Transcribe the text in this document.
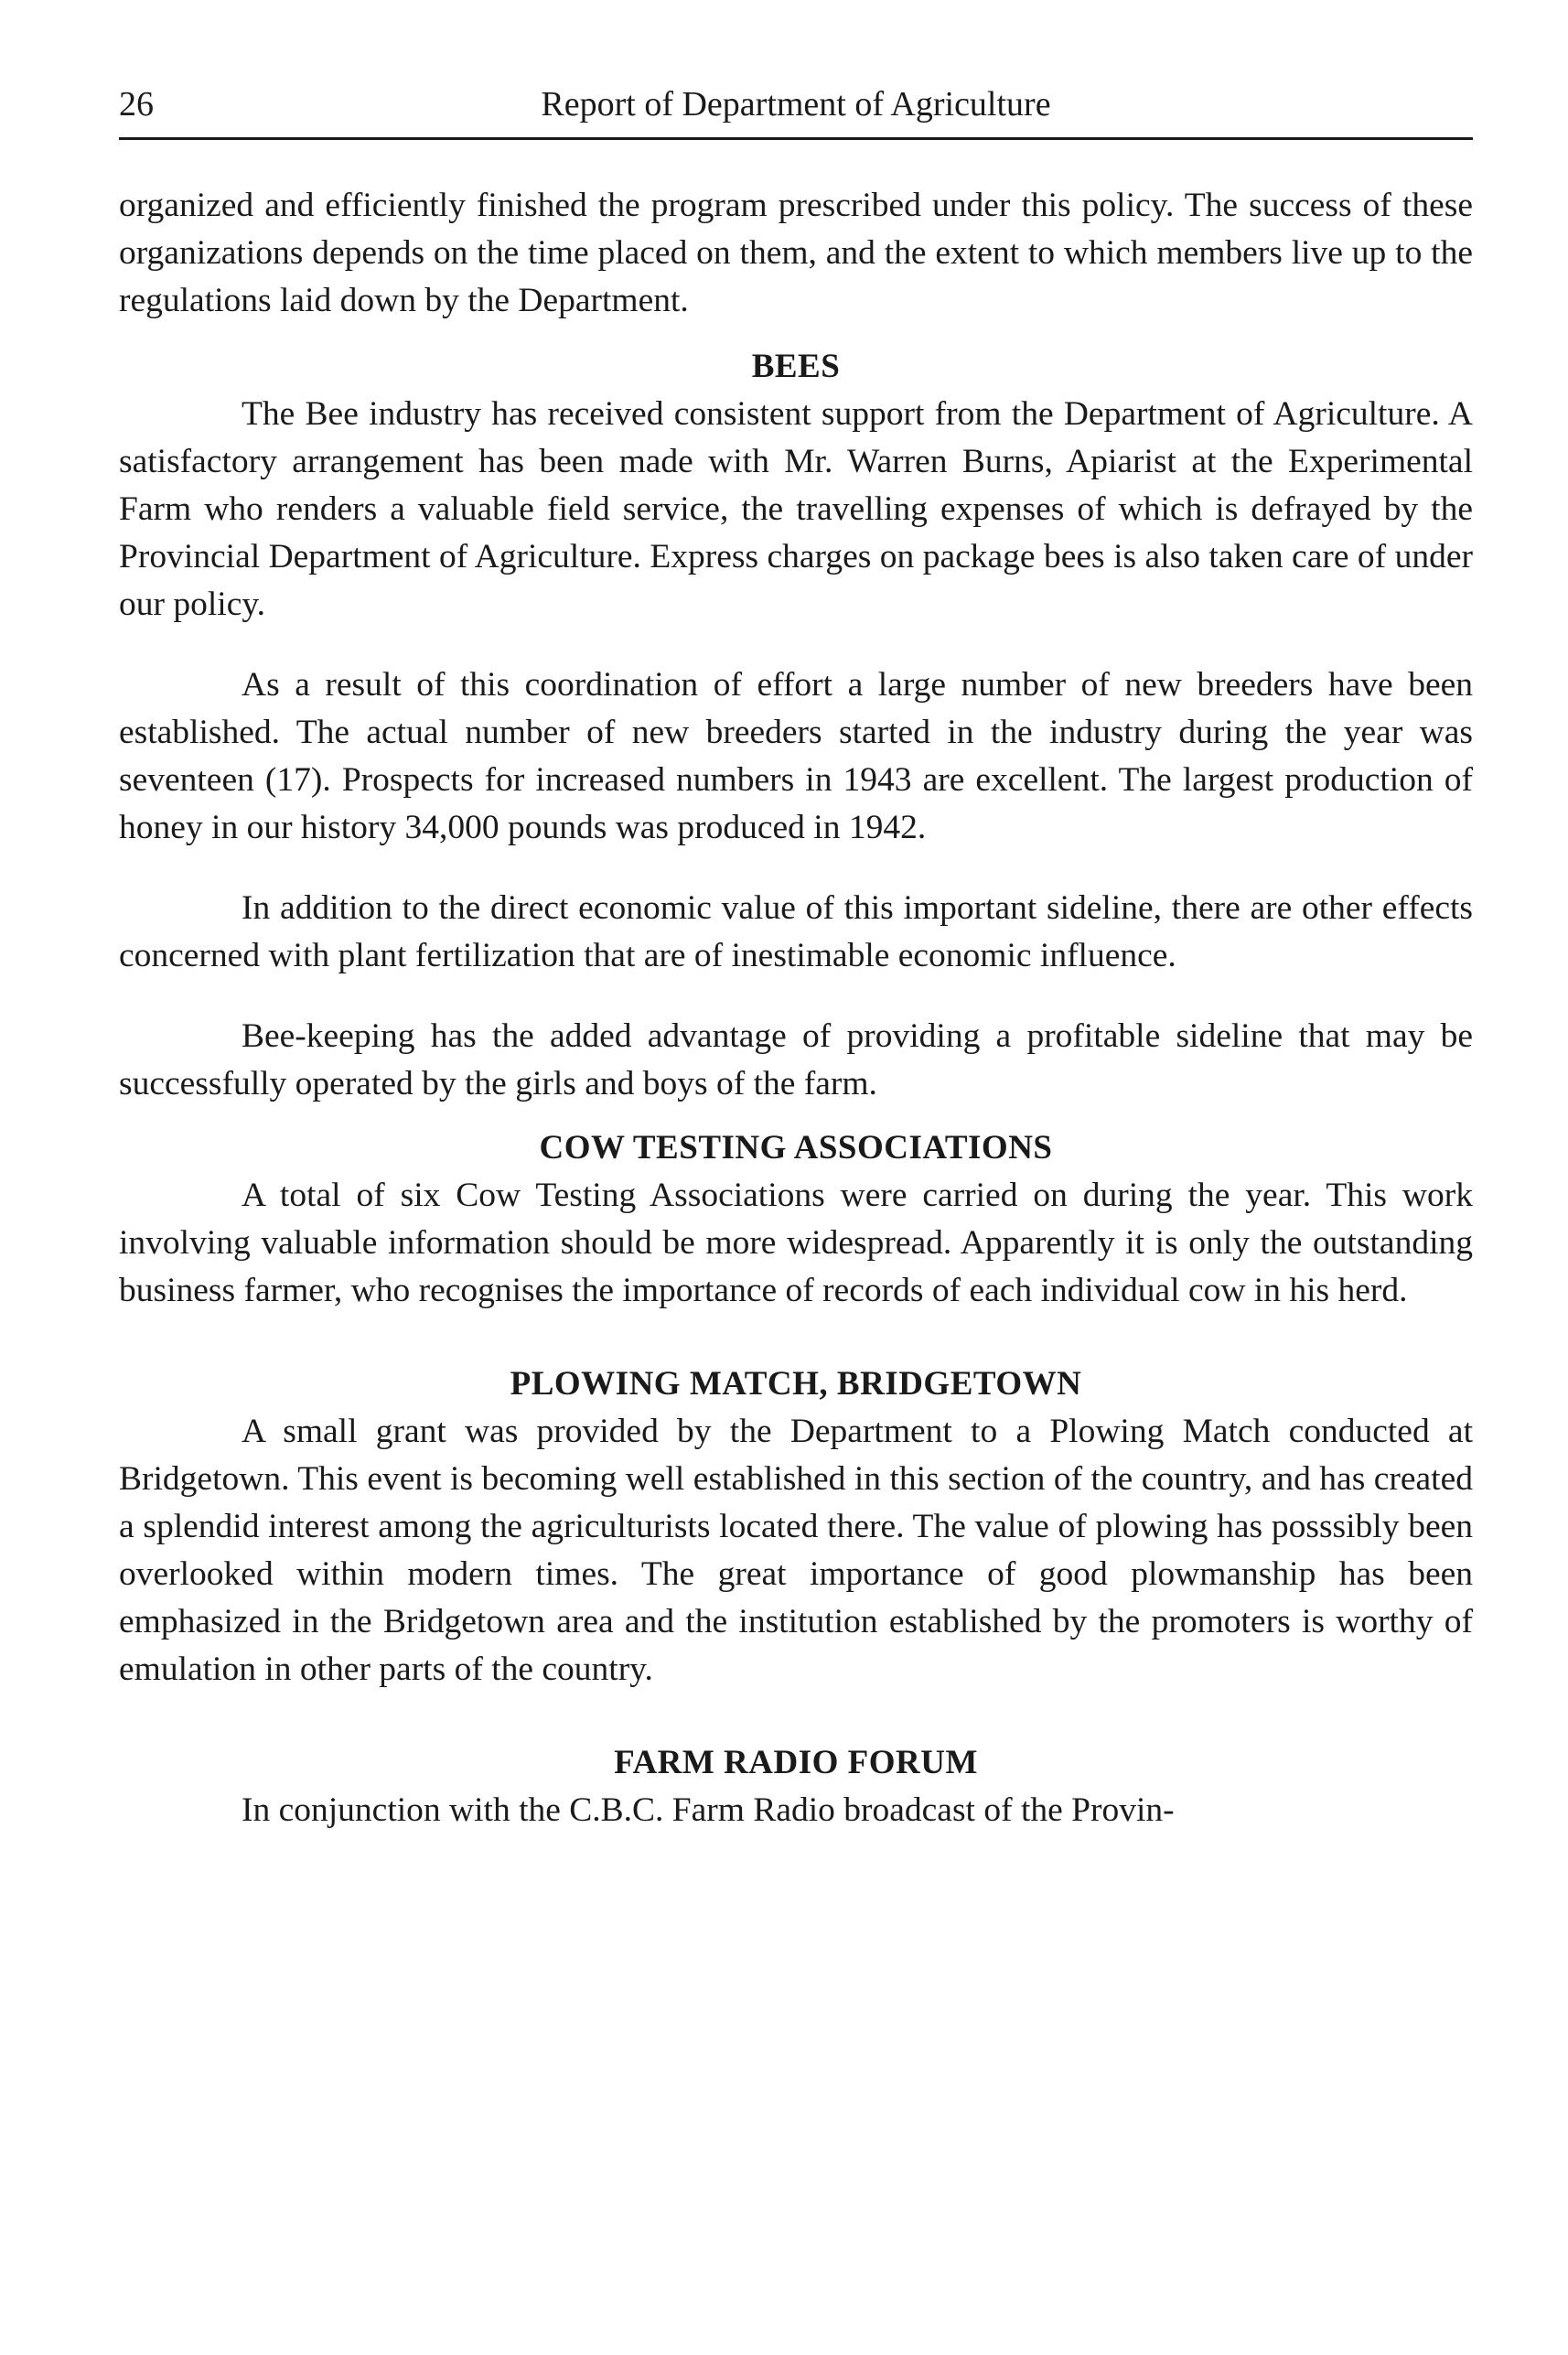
26	Report of Department of Agriculture

organized and efficiently finished the program prescribed under this policy. The success of these organizations depends on the time placed on them, and the extent to which members live up to the regulations laid down by the Department.

BEES

The Bee industry has received consistent support from the Department of Agriculture. A satisfactory arrangement has been made with Mr. Warren Burns, Apiarist at the Experimental Farm who renders a valuable field service, the travelling expenses of which is defrayed by the Provincial Department of Agriculture. Express charges on package bees is also taken care of under our policy.

As a result of this coordination of effort a large number of new breeders have been established. The actual number of new breeders started in the industry during the year was seventeen (17). Prospects for increased numbers in 1943 are excellent. The largest production of honey in our history 34,000 pounds was produced in 1942.

In addition to the direct economic value of this important sideline, there are other effects concerned with plant fertilization that are of inestimable economic influence.

Bee-keeping has the added advantage of providing a profitable sideline that may be successfully operated by the girls and boys of the farm.

COW TESTING ASSOCIATIONS

A total of six Cow Testing Associations were carried on during the year. This work involving valuable information should be more widespread. Apparently it is only the outstanding business farmer, who recognises the importance of records of each individual cow in his herd.

PLOWING MATCH, BRIDGETOWN

A small grant was provided by the Department to a Plowing Match conducted at Bridgetown. This event is becoming well established in this section of the country, and has created a splendid interest among the agriculturists located there. The value of plowing has posssibly been overlooked within modern times. The great importance of good plowmanship has been emphasized in the Bridgetown area and the institution established by the promoters is worthy of emulation in other parts of the country.

FARM RADIO FORUM

In conjunction with the C.B.C. Farm Radio broadcast of the Provin-
